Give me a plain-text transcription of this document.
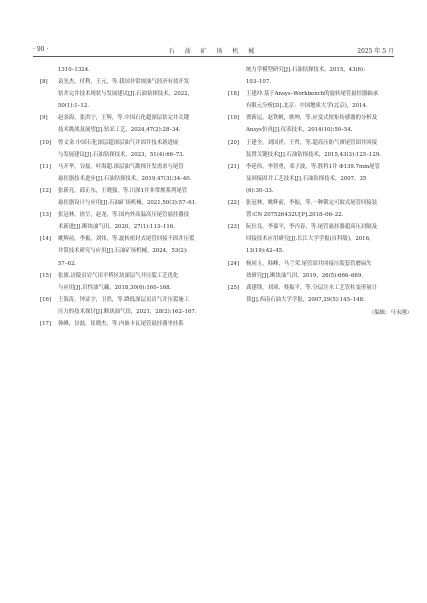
· 90 ·	石 油 矿 场 机 械	2025 年 5 月
1310–1324.
[8] 袁光杰，付利，王元，等.我国非常规油气经济有效开发
钻井完井技术现状与发展建议[J].石油钻探技术，2022，
50(1):1–12.
[9] 赵金海，张洪宁，王辉，等.中国石化超深层钻完井关键
技术挑战及展望[J].钻采工艺，2024,47(2):28–34.
[10] 曾义金.中国石化深层超深层油气井固井技术新进展
与发展建议[J].石油钻探技术，2023，51(4):66–73.
[11] 马开华，谷磊，叶海超.深层油气勘探开发需求与尾管
悬挂器技术进步[J].石油钻探技术，2019,47(3):34–40.
[12] 张新亮，邱正东，王晓强，等.川深1井非常规系列尾管
悬挂器设计与应用[J].石油矿场机械，2021,50(3):57–61.
[13] 张冠林，徐呈，赵龙，等.国内外高温高压尾管悬挂器技
术新进[J].断块油气田，2020，27(1):113–116.
[14] 姚辉前，李振，刘伟，等.旋转密封式尾管回接不固井压裂
井筒技术研究与应用[J].石油矿场机械，2024，53(2):
57–62.
[15] 张旗.涪陵页岩气田平桥区块深层气井压裂工艺优化
与应用[J].岩性油气藏，2018,30(6):160–168.
[16] 王海涛，钟证宇，卫然，等.降低深层页岩气井压裂施工
压力的技术探讨[J].断块油气田，2021，28(2):162–167.
[17] 韩峰，谷磊，崔晓杰，等.内嵌卡瓦尾管悬挂器坐挂系
统力学模型研究[J].石油钻探技术，2015，43(6)：
103–107.
[18] 王建冲.基于Ansys–Workbench的旋转尾管悬挂器轴承
有限元分析[D].北京：中国地质大学(北京)，2014.
[19] 贾新运，赵铁帆，耿坤，等.应变式扭矩传感器的分析及
Ansys仿真[J].仪表技术，2014(10):50–54.
[20] 王建全，刘国祥，王哲，等.超高压防气窜尾管固井回接
装置关键技术[J].石油钻探技术，2015,43(3):125–129.
[21] 李延伟，李智勇，邓子波，等.胜科1井 Φ139.7mm尾管
及回接固井工艺技术[J].石油钻探技术，2007，35
(6):30–33.
[22] 张冠林，姚辉前，李振，等.一种锁定可取式尾管回接装
置:CN 207526432U[P].2018–06–22.
[23] 阮位良，李嘉平，李丙春，等.尾管悬挂器超高压封隔及
回接技术应用研究[J].长江大学学报(自科版)，2016，
13(19):42–45.
[24] 杨同玉，韩峰，马兰荣.尾管固井回接压裂套管磨扁失
效研究[J].断块油气田，2019，26(5):666–669.
[25] 龚建锋，刘琦，蔡振平，等.分层注水工艺管柱变形量计
算[J].西南石油大学学报，2007,29(5):145–148.
（编辑：马永刚）
